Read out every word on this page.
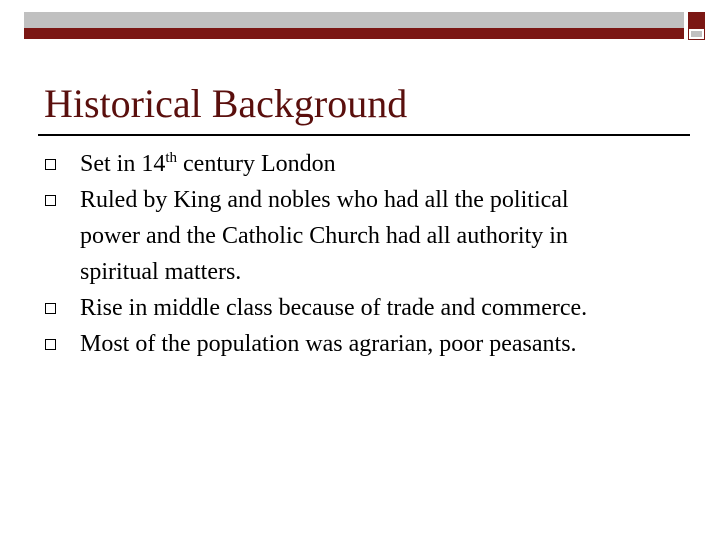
Historical Background
Set in 14th century London
Ruled by King and nobles who had all the political
power and the Catholic Church had all authority in
spiritual matters.
Rise in middle class because of trade and commerce.
Most of the population was agrarian, poor peasants.
